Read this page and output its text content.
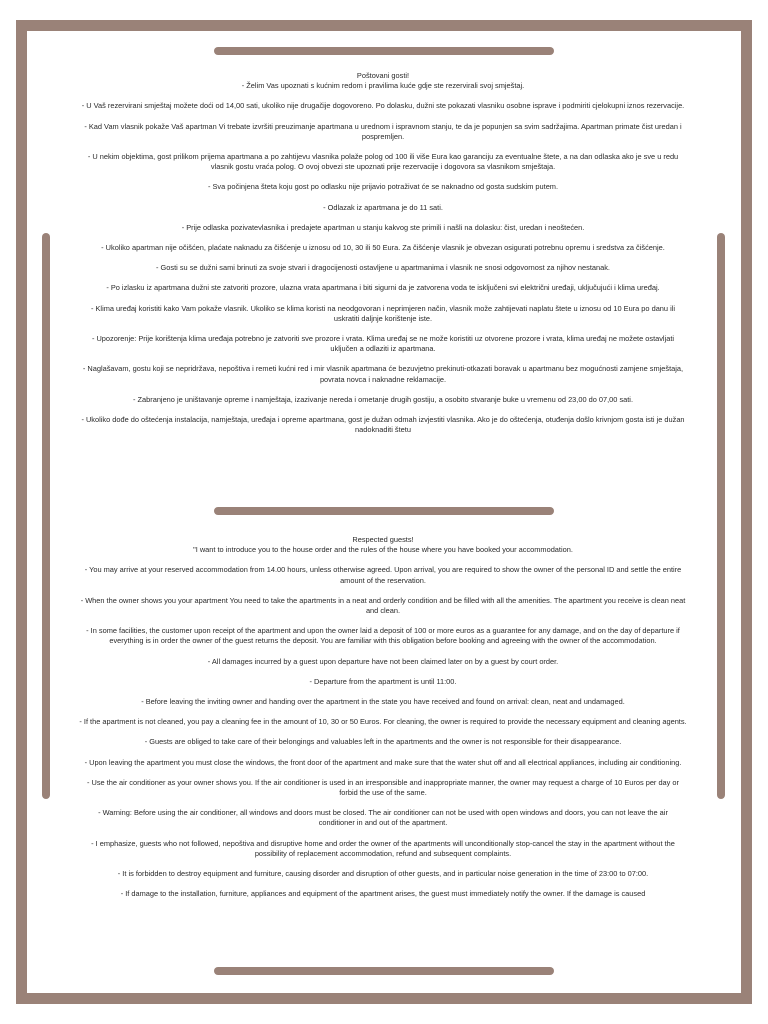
Poštovani gosti!

- Želim Vas upoznati s kućnim redom i pravilima kuće gdje ste rezervirali svoj smještaj.

- U Vaš rezervirani smještaj možete doći od 14,00 sati, ukoliko nije drugačije dogovoreno. Po dolasku, dužni ste pokazati vlasniku osobne isprave i podmiriti cjelokupni iznos rezervacije.

- Kad Vam vlasnik pokaže Vaš apartman Vi trebate izvršiti preuzimanje apartmana u urednom i ispravnom stanju, te da je popunjen sa svim sadržajima. Apartman primate čist uredan i pospremljen.

- U nekim objektima, gost prilikom prijema apartmana a po zahtijevu vlasnika polaže polog od 100 ili više Eura kao garanciju za eventualne štete, a na dan odlaska ako je sve u redu vlasnik gostu vraća polog. O ovoj obvezi ste upoznati prije rezervacije i dogovora sa vlasnikom smještaja.

- Sva počinjena šteta koju gost po odlasku nije prijavio potraživat će se naknadno od gosta sudskim putem.

- Odlazak iz apartmana je do 11 sati.

- Prije odlaska pozivatevlasnika i predajete apartman u stanju kakvog ste primili i našli na dolasku: čist, uredan i neoštećen.

- Ukoliko apartman nije očišćen, plaćate naknadu za čišćenje u iznosu od 10, 30 ili 50 Eura. Za čišćenje vlasnik je obvezan osigurati potrebnu opremu i sredstva za čišćenje.

- Gosti su se dužni sami brinuti za svoje stvari i dragocijenosti ostavljene u apartmanima i vlasnik ne snosi odgovornost za njihov nestanak.

- Po izlasku iz apartmana dužni ste zatvoriti prozore, ulazna vrata apartmana i biti sigurni da je zatvorena voda te isključeni svi električni uređaji, uključujući i klima uređaj.

- Klima uređaj koristiti kako Vam pokaže vlasnik. Ukoliko se klima koristi na neodgovoran i neprimjeren način, vlasnik može zahtijevati naplatu štete u iznosu od 10 Eura po danu ili uskratiti daljnje korištenje iste.

- Upozorenje: Prije korištenja klima uređaja potrebno je zatvoriti sve prozore i vrata. Klima uređaj se ne može koristiti uz otvorene prozore i vrata, klima uređaj ne možete ostavljati uključen a odlaziti iz apartmana.

- Naglašavam, gostu koji se nepridržava, nepoštiva i remeti kućni red i mir vlasnik apartmana će bezuvjetno prekinuti-otkazati boravak u apartmanu bez mogućnosti zamjene smještaja, povrata novca i naknadne reklamacije.

- Zabranjeno je uništavanje opreme i namještaja, izazivanje nereda i ometanje drugih gostiju, a osobito stvaranje buke u vremenu od 23,00 do 07,00 sati.

- Ukoliko dođe do oštećenja instalacija, namještaja, uređaja i opreme apartmana, gost je dužan odmah izvjestiti vlasnika. Ako je do oštećenja, otuđenja došlo krivnjom gosta isti je dužan nadoknaditi štetu

Respected guests!

"I want to introduce you to the house order and the rules of the house where you have booked your accommodation.

- You may arrive at your reserved accommodation from 14.00 hours, unless otherwise agreed. Upon arrival, you are required to show the owner of the personal ID and settle the entire amount of the reservation.

- When the owner shows you your apartment You need to take the apartments in a neat and orderly condition and be filled with all the amenities. The apartment you receive is clean neat and clean.

- In some facilities, the customer upon receipt of the apartment and upon the owner laid a deposit of 100 or more euros as a guarantee for any damage, and on the day of departure if everything is in order the owner of the guest returns the deposit. You are familiar with this obligation before booking and agreeing with the owner of the accommodation.

- All damages incurred by a guest upon departure have not been claimed later on by a guest by court order.

- Departure from the apartment is until 11:00.

- Before leaving the inviting owner and handing over the apartment in the state you have received and found on arrival: clean, neat and undamaged.

- If the apartment is not cleaned, you pay a cleaning fee in the amount of 10, 30 or 50 Euros. For cleaning, the owner is required to provide the necessary equipment and cleaning agents.

- Guests are obliged to take care of their belongings and valuables left in the apartments and the owner is not responsible for their disappearance.

- Upon leaving the apartment you must close the windows, the front door of the apartment and make sure that the water shut off and all electrical appliances, including air conditioning.

- Use the air conditioner as your owner shows you. If the air conditioner is used in an irresponsible and inappropriate manner, the owner may request a charge of 10 Euros per day or forbid the use of the same.

- Warning: Before using the air conditioner, all windows and doors must be closed. The air conditioner can not be used with open windows and doors, you can not leave the air conditioner in and out of the apartment.

- I emphasize, guests who not followed, nepoštiva and disruptive home and order the owner of the apartments will unconditionally stop-cancel the stay in the apartment without the possibility of replacement accommodation, refund and subsequent complaints.

- It is forbidden to destroy equipment and furniture, causing disorder and disruption of other guests, and in particular noise generation in the time of 23:00 to 07:00.

- If damage to the installation, furniture, appliances and equipment of the apartment arises, the guest must immediately notify the owner. If the damage is caused
